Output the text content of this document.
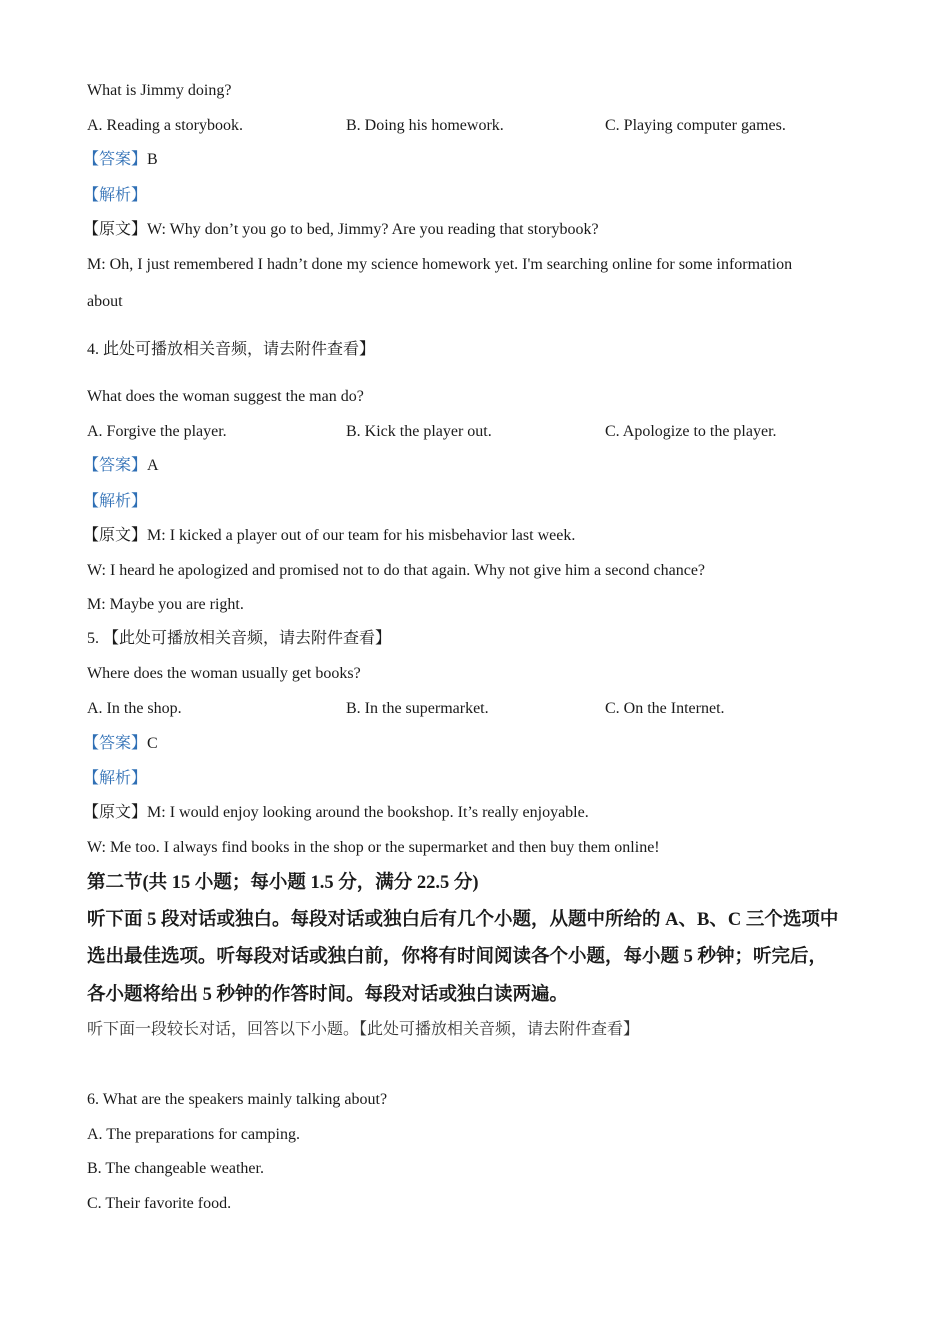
What is Jimmy doing?
A. Reading a storybook.	B. Doing his homework.	C. Playing computer games.
【答案】B
【解析】
【原文】W: Why don’t you go to bed, Jimmy? Are you reading that storybook?
M: Oh, I just remembered I hadn’t done my science homework yet. I'm searching online for some information
about
4. 此处可播放相关音频，请去附件查看】
What does the woman suggest the man do?
A. Forgive the player.	B. Kick the player out.	C. Apologize to the player.
【答案】A
【解析】
【原文】M: I kicked a player out of our team for his misbehavior last week.
W: I heard he apologized and promised not to do that again. Why not give him a second chance?
M: Maybe you are right.
5. 【此处可播放相关音频，请去附件查看】
Where does the woman usually get books?
A. In the shop.	B. In the supermarket.	C. On the Internet.
【答案】C
【解析】
【原文】M: I would enjoy looking around the bookshop. It’s really enjoyable.
W: Me too. I always find books in the shop or the supermarket and then buy them online!
第二节(共 15 小题；每小题 1.5 分，满分 22.5 分)
听下面 5 段对话或独白。每段对话或独白后有几个小题，从题中所给的 A、B、C 三个选项中
选出最佳选项。听每段对话或独白前，你将有时间阅读各个小题，每小题 5 秒钟；听完后，
各小题将给出 5 秒钟的作答时间。每段对话或独白读两遍。
听下面一段较长对话，回答以下小题。【此处可播放相关音频，请去附件查看】
6. What are the speakers mainly talking about?
A. The preparations for camping.
B. The changeable weather.
C. Their favorite food.
